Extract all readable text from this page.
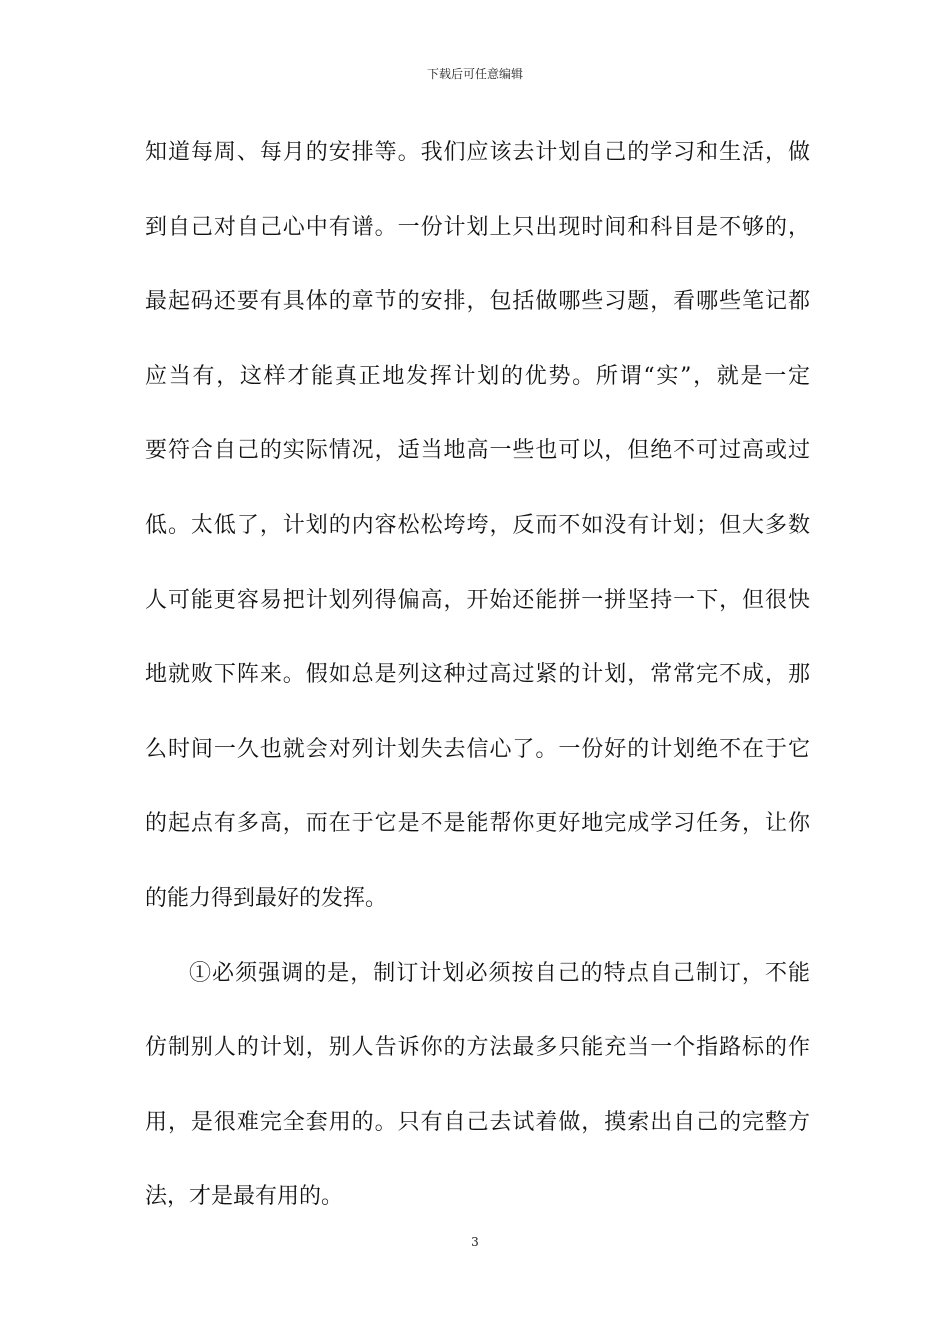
下载后可任意编辑
知道每周、每月的安排等。我们应该去计划自己的学习和生活，做
到自己对自己心中有谱。一份计划上只出现时间和科目是不够的，
最起码还要有具体的章节的安排，包括做哪些习题，看哪些笔记都
应当有，这样才能真正地发挥计划的优势。所谓“实”，就是一定
要符合自己的实际情况，适当地高一些也可以，但绝不可过高或过
低。太低了，计划的内容松松垮垮，反而不如没有计划；但大多数
人可能更容易把计划列得偏高，开始还能拼一拼坚持一下，但很快
地就败下阵来。假如总是列这种过高过紧的计划，常常完不成，那
么时间一久也就会对列计划失去信心了。一份好的计划绝不在于它
的起点有多高，而在于它是不是能帮你更好地完成学习任务，让你
的能力得到最好的发挥。
①必须强调的是，制订计划必须按自己的特点自己制订，不能
仿制别人的计划，别人告诉你的方法最多只能充当一个指路标的作
用，是很难完全套用的。只有自己去试着做，摸索出自己的完整方
法，才是最有用的。
3
